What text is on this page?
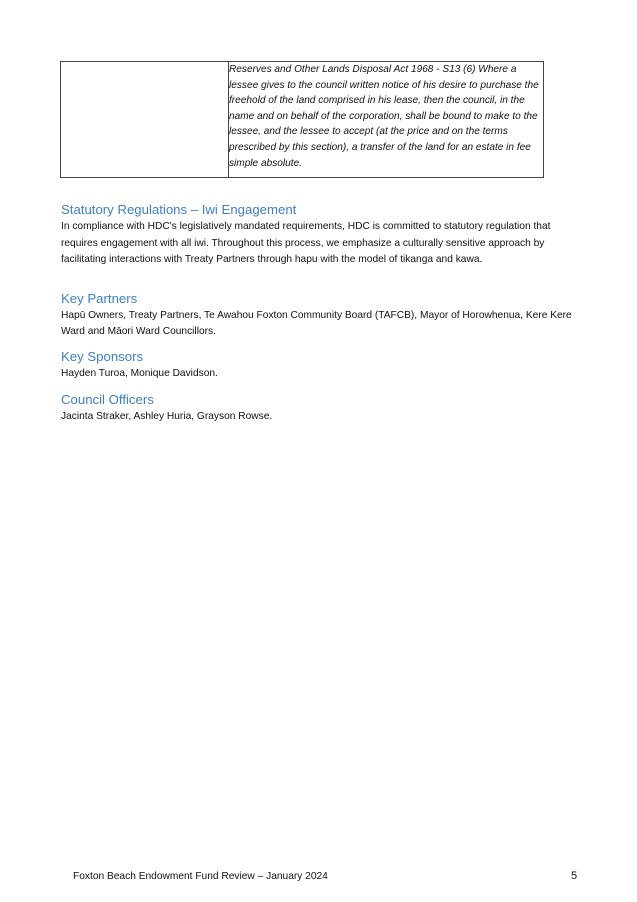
Reserves and Other Lands Disposal Act 1968 - S13 (6) Where a lessee gives to the council written notice of his desire to purchase the freehold of the land comprised in his lease, then the council, in the name and on behalf of the corporation, shall be bound to make to the lessee, and the lessee to accept (at the price and on the terms prescribed by this section), a transfer of the land for an estate in fee simple absolute.
Statutory Regulations – Iwi Engagement

In compliance with HDC's legislatively mandated requirements, HDC is committed to statutory regulation that requires engagement with all iwi. Throughout this process, we emphasize a culturally sensitive approach by facilitating interactions with Treaty Partners through hapu with the model of tikanga and kawa.

Key Partners

Hapū Owners, Treaty Partners, Te Awahou Foxton Community Board (TAFCB), Mayor of Horowhenua, Kere Kere Ward and Māori Ward Councillors.

Key Sponsors

Hayden Turoa, Monique Davidson.

Council Officers

Jacinta Straker, Ashley Huria, Grayson Rowse.

Foxton Beach Endowment Fund Review – January 2024	5
